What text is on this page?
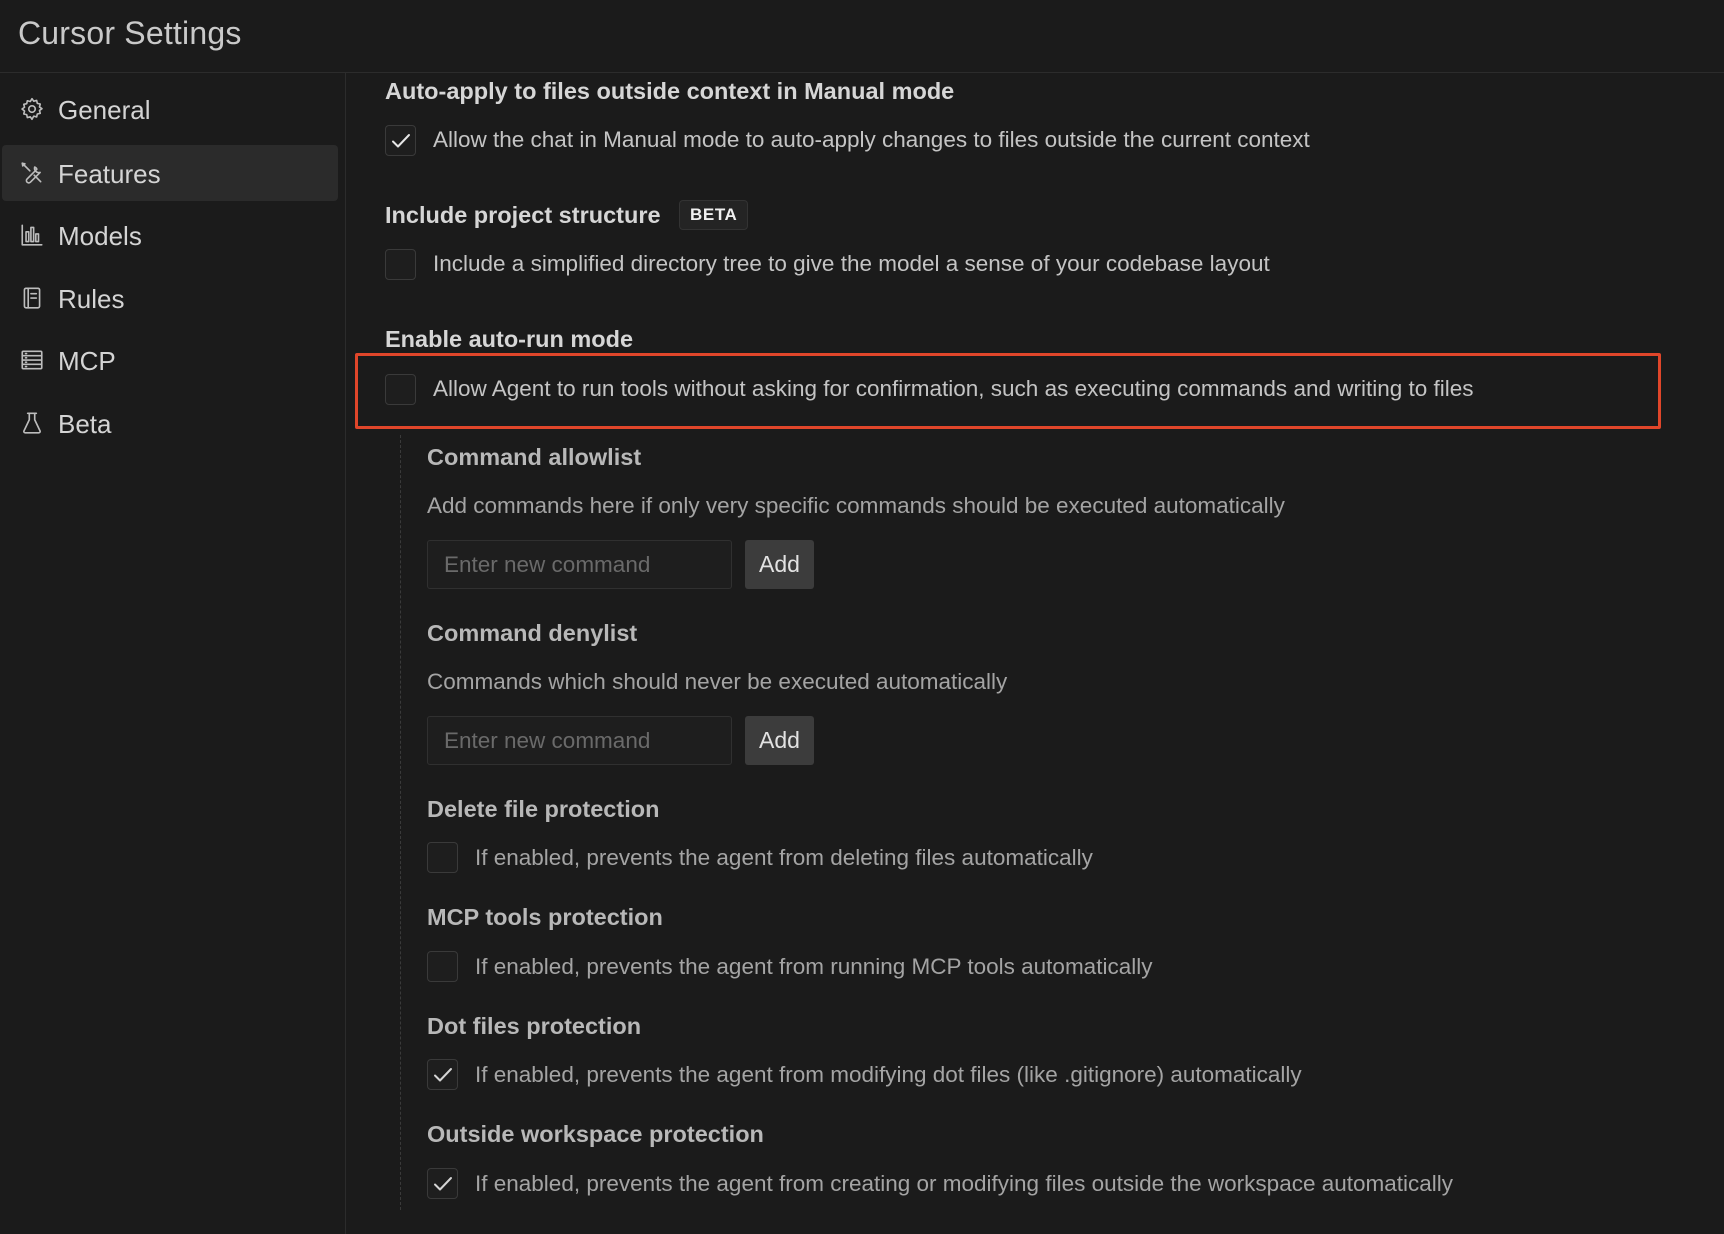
Cursor Settings
General
Features
Models
Rules
MCP
Beta
Auto-apply to files outside context in Manual mode
Allow the chat in Manual mode to auto-apply changes to files outside the current context
Include project structure	BETA
Include a simplified directory tree to give the model a sense of your codebase layout
Enable auto-run mode
Allow Agent to run tools without asking for confirmation, such as executing commands and writing to files
Command allowlist
Add commands here if only very specific commands should be executed automatically
Enter new command
Add
Command denylist
Commands which should never be executed automatically
Enter new command
Add
Delete file protection
If enabled, prevents the agent from deleting files automatically
MCP tools protection
If enabled, prevents the agent from running MCP tools automatically
Dot files protection
If enabled, prevents the agent from modifying dot files (like .gitignore) automatically
Outside workspace protection
If enabled, prevents the agent from creating or modifying files outside the workspace automatically
